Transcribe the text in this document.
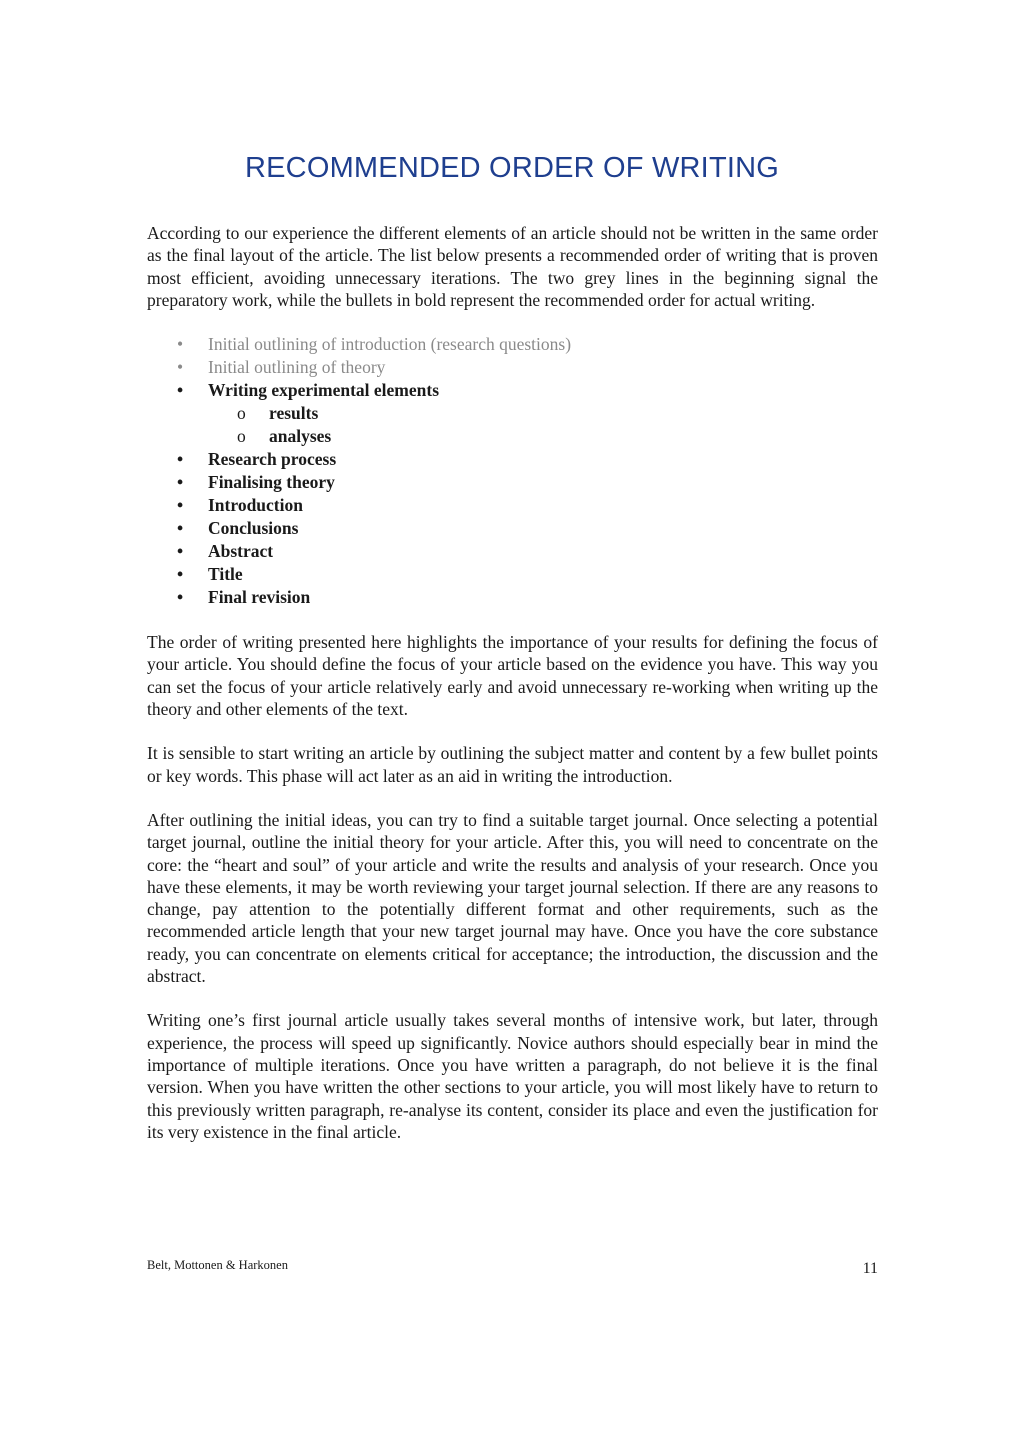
RECOMMENDED ORDER OF WRITING

According to our experience the different elements of an article should not be written in the same order as the final layout of the article. The list below presents a recommended order of writing that is proven most efficient, avoiding unnecessary iterations. The two grey lines in the beginning signal the preparatory work, while the bullets in bold represent the recommended order for actual writing.

• Initial outlining of introduction (research questions)
• Initial outlining of theory
• Writing experimental elements
o results
o analyses
• Research process
• Finalising theory
• Introduction
• Conclusions
• Abstract
• Title
• Final revision

The order of writing presented here highlights the importance of your results for defining the focus of your article. You should define the focus of your article based on the evidence you have. This way you can set the focus of your article relatively early and avoid unnecessary re-working when writing up the theory and other elements of the text.

It is sensible to start writing an article by outlining the subject matter and content by a few bullet points or key words. This phase will act later as an aid in writing the introduction.

After outlining the initial ideas, you can try to find a suitable target journal. Once selecting a potential target journal, outline the initial theory for your article. After this, you will need to concentrate on the core: the “heart and soul” of your article and write the results and analysis of your research. Once you have these elements, it may be worth reviewing your target journal selection. If there are any reasons to change, pay attention to the potentially different format and other requirements, such as the recommended article length that your new target journal may have. Once you have the core substance ready, you can concentrate on elements critical for acceptance; the introduction, the discussion and the abstract.

Writing one’s first journal article usually takes several months of intensive work, but later, through experience, the process will speed up significantly. Novice authors should especially bear in mind the importance of multiple iterations. Once you have written a paragraph, do not believe it is the final version. When you have written the other sections to your article, you will most likely have to return to this previously written paragraph, re-analyse its content, consider its place and even the justification for its very existence in the final article.

Belt, Mottonen & Harkonen	11
